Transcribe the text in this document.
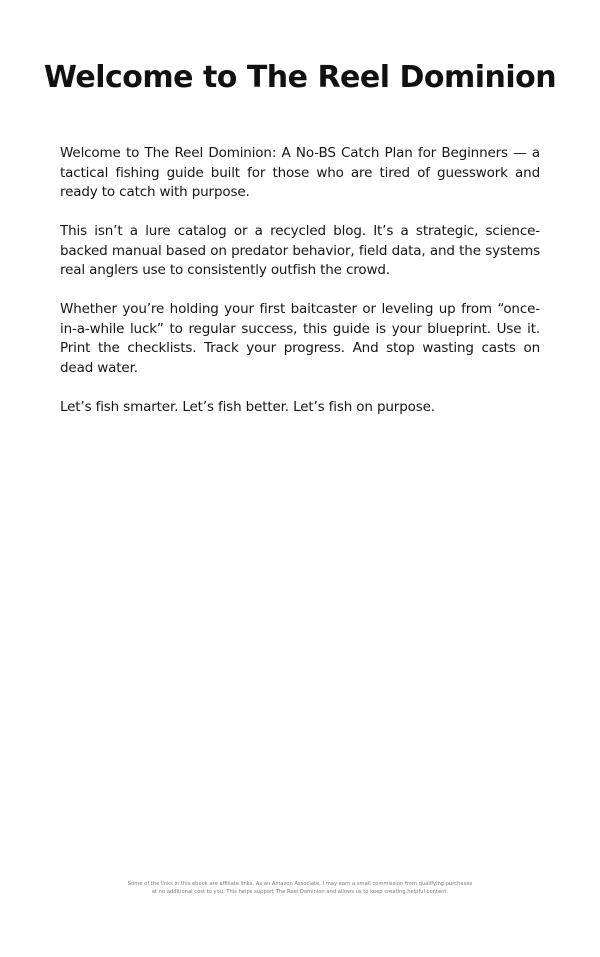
Welcome to The Reel Dominion

Welcome to The Reel Dominion: A No-BS Catch Plan for Beginners — a tactical fishing guide built for those who are tired of guesswork and ready to catch with purpose.

This isn’t a lure catalog or a recycled blog. It’s a strategic, science-backed manual based on predator behavior, field data, and the systems real anglers use to consistently outfish the crowd.

Whether you’re holding your first baitcaster or leveling up from “once-in-a-while luck” to regular success, this guide is your blueprint. Use it. Print the checklists. Track your progress. And stop wasting casts on dead water.

Let’s fish smarter. Let’s fish better. Let’s fish on purpose.

Some of the links in this ebook are affiliate links. As an Amazon Associate, I may earn a small commission from qualifying purchases at no additional cost to you. This helps support The Reel Dominion and allows us to keep creating helpful content.
